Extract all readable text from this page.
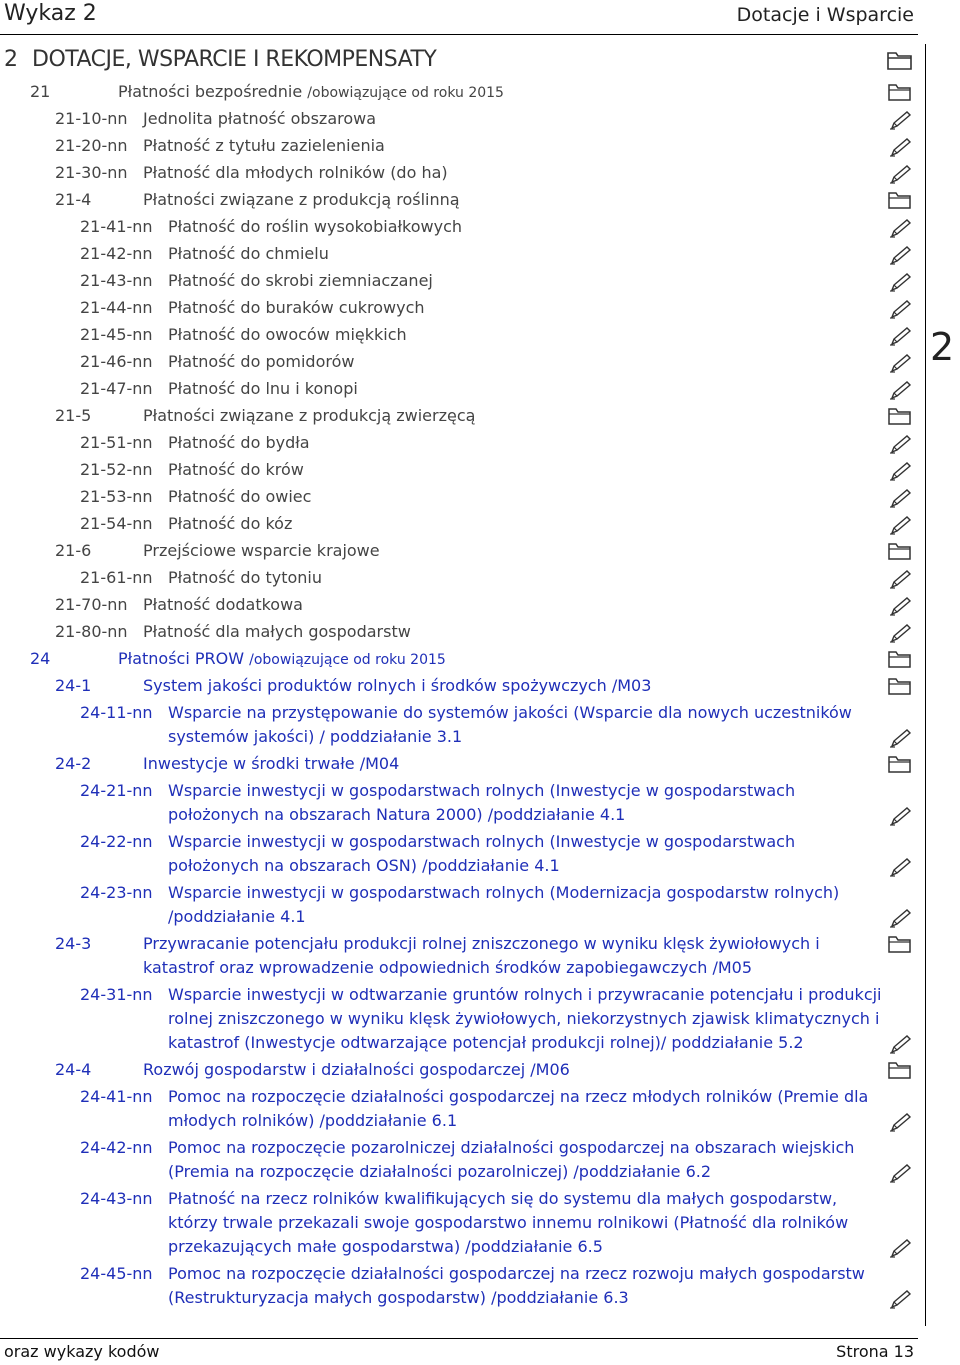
Wykaz 2	Dotacje i Wsparcie
2
2 DOTACJE, WSPARCIE I REKOMPENSATY
21	Płatności bezpośrednie /obowiązujące od roku 2015
21-10-nn Jednolita płatność obszarowa
21-20-nn Płatność z tytułu zazielenienia
21-30-nn Płatność dla młodych rolników (do ha)
21-4	Płatności związane z produkcją roślinną
21-41-nn Płatność do roślin wysokobiałkowych
21-42-nn Płatność do chmielu
21-43-nn Płatność do skrobi ziemniaczanej
21-44-nn Płatność do buraków cukrowych
21-45-nn Płatność do owoców miękkich
21-46-nn Płatność do pomidorów
21-47-nn Płatność do lnu i konopi
21-5	Płatności związane z produkcją zwierzęcą
21-51-nn Płatność do bydła
21-52-nn Płatność do krów
21-53-nn Płatność do owiec
21-54-nn Płatność do kóz
21-6	Przejściowe wsparcie krajowe
21-61-nn Płatność do tytoniu
21-70-nn Płatność dodatkowa
21-80-nn Płatność dla małych gospodarstw
24	Płatności PROW /obowiązujące od roku 2015
24-1	System jakości produktów rolnych i środków spożywczych /M03
24-11-nn Wsparcie na przystępowanie do systemów jakości (Wsparcie dla nowych uczestników systemów jakości) / poddziałanie 3.1
24-2	Inwestycje w środki trwałe /M04
24-21-nn Wsparcie inwestycji w gospodarstwach rolnych (Inwestycje w gospodarstwach położonych na obszarach Natura 2000) /poddziałanie 4.1
24-22-nn Wsparcie inwestycji w gospodarstwach rolnych (Inwestycje w gospodarstwach położonych na obszarach OSN) /poddziałanie 4.1
24-23-nn Wsparcie inwestycji w gospodarstwach rolnych (Modernizacja gospodarstw rolnych) /poddziałanie 4.1
24-3	Przywracanie potencjału produkcji rolnej zniszczonego w wyniku klęsk żywiołowych i katastrof oraz wprowadzenie odpowiednich środków zapobiegawczych /M05
24-31-nn Wsparcie inwestycji w odtwarzanie gruntów rolnych i przywracanie potencjału i produkcji rolnej zniszczonego w wyniku klęsk żywiołowych, niekorzystnych zjawisk klimatycznych i katastrof (Inwestycje odtwarzające potencjał produkcji rolnej)/ poddziałanie 5.2
24-4	Rozwój gospodarstw i działalności gospodarczej /M06
24-41-nn Pomoc na rozpoczęcie działalności gospodarczej na rzecz młodych rolników (Premie dla młodych rolników) /poddziałanie 6.1
24-42-nn Pomoc na rozpoczęcie pozarolniczej działalności gospodarczej na obszarach wiejskich (Premia na rozpoczęcie działalności pozarolniczej) /poddziałanie 6.2
24-43-nn Płatność na rzecz rolników kwalifikujących się do systemu dla małych gospodarstw, którzy trwale przekazali swoje gospodarstwo innemu rolnikowi (Płatność dla rolników przekazujących małe gospodarstwa) /poddziałanie 6.5
24-45-nn Pomoc na rozpoczęcie działalności gospodarczej na rzecz rozwoju małych gospodarstw (Restrukturyzacja małych gospodarstw) /poddziałanie 6.3
oraz wykazy kodów	Strona 13
